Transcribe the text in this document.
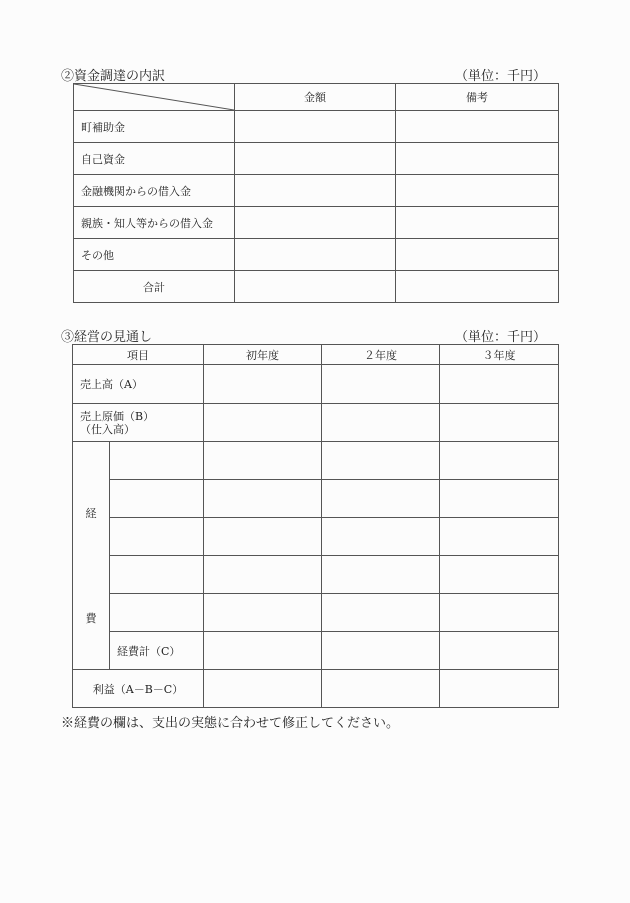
②資金調達の内訳	（単位：千円）
	金額	備考
町補助金		
自己資金		
金融機関からの借入金		
親族・知人等からの借入金		
その他		
合計		
③経営の見通し	（単位：千円）
項目		初年度	２年度	３年度
売上高（A）				
売上原価（B）
（仕入高）				

経
費				

	経費計（C）			
利益（A－B－C）				
※経費の欄は、支出の実態に合わせて修正してください。
